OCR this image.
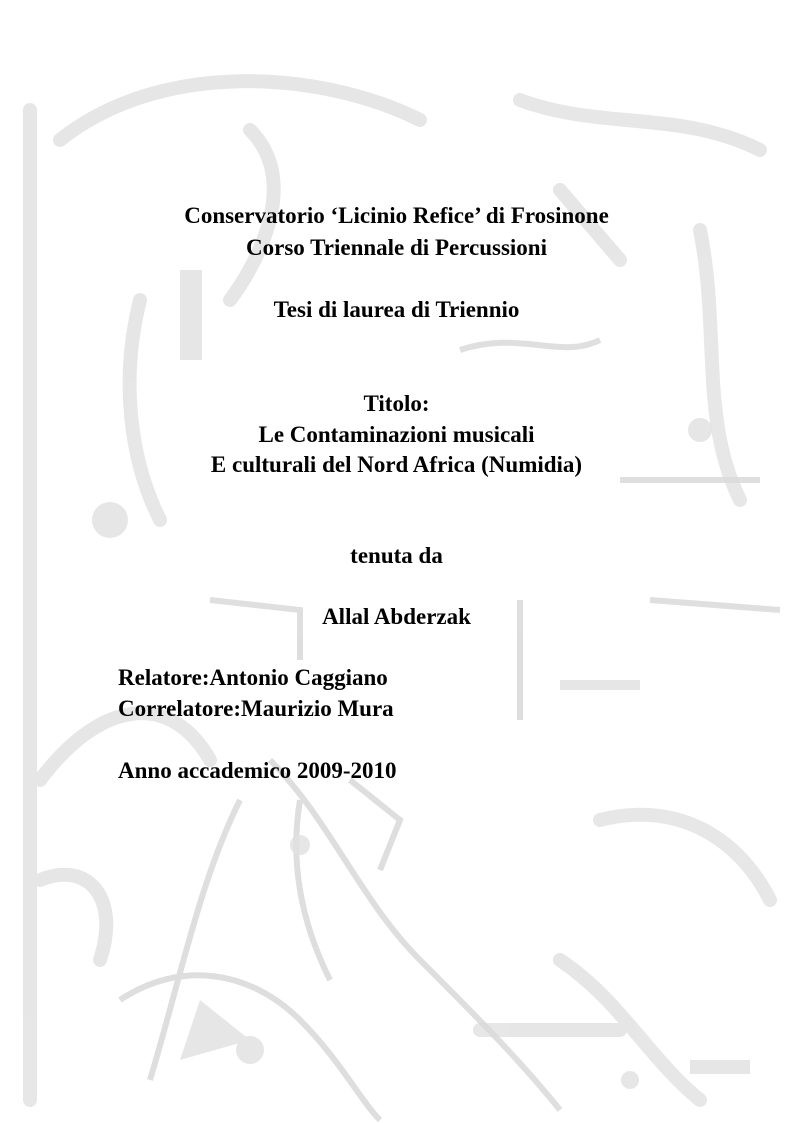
Conservatorio ‘Licinio Refice’ di Frosinone
Corso Triennale di Percussioni
Tesi di laurea di Triennio
Titolo:
Le Contaminazioni musicali
E culturali del Nord Africa (Numidia)
tenuta da
Allal Abderzak
Relatore:Antonio Caggiano
Correlatore:Maurizio Mura
Anno accademico 2009-2010
